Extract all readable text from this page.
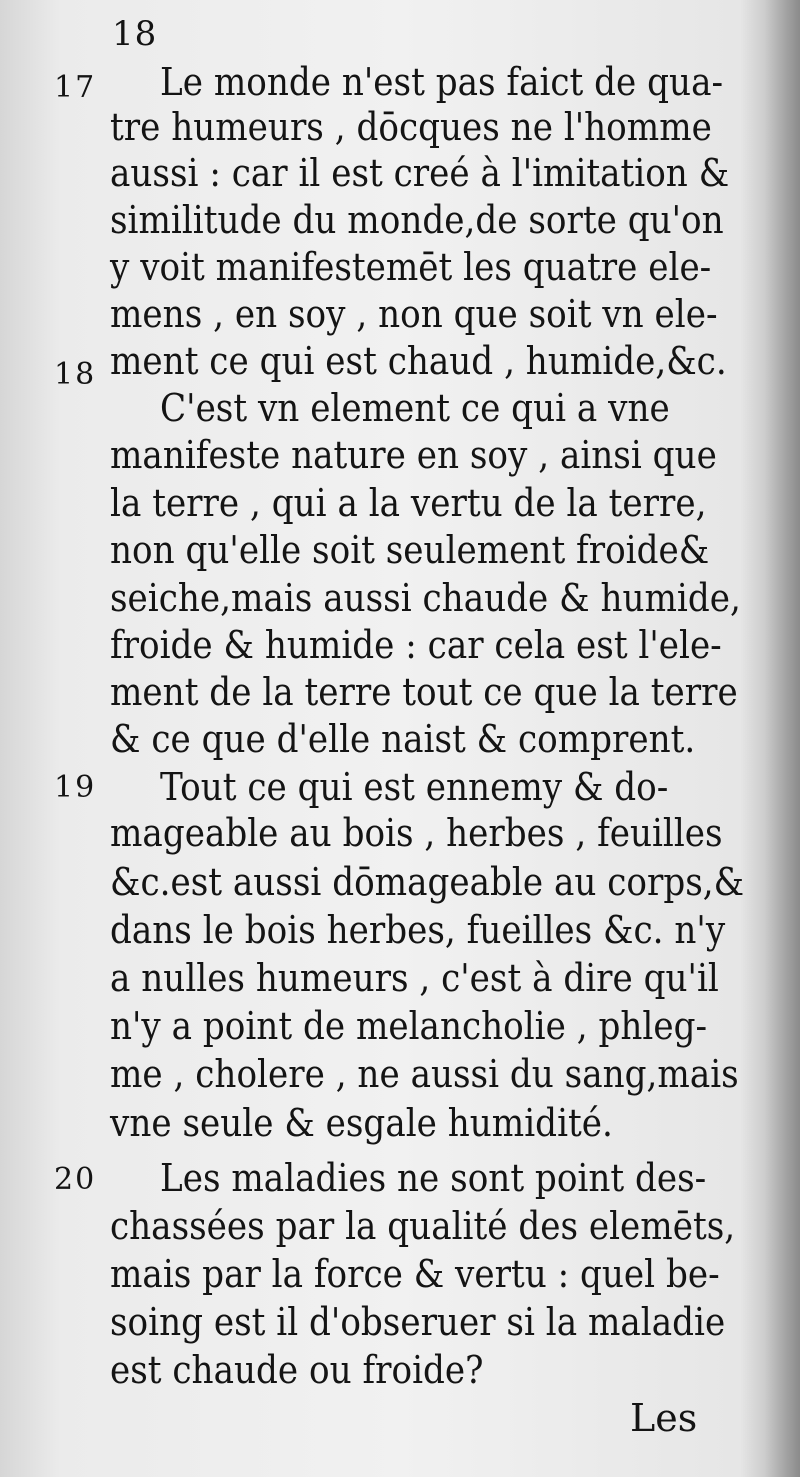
18
17 Le monde n'est pas faict de qua-
tre humeurs , dōcques ne l'homme
aussi : car il est creé à l'imitation &
similitude du monde,de sorte qu'on
y voit manifestemēt les quatre ele-
mens , en soy , non que soit vn ele-
ment ce qui est chaud , humide,&c.
18
C'est vn element ce qui a vne
manifeste nature en soy , ainsi que
la terre , qui a la vertu de la terre,
non qu'elle soit seulement froide&
seiche,mais aussi chaude & humide,
froide & humide : car cela est l'ele-
ment de la terre tout ce que la terre
& ce que d'elle naist & comprent.
19 Tout ce qui est ennemy & do-
mageable au bois , herbes , feuilles
&c.est aussi dōmageable au corps,&
dans le bois herbes, fueilles &c. n'y
a nulles humeurs , c'est à dire qu'il
n'y a point de melancholie , phleg-
me , cholere , ne aussi du sang,mais
vne seule & esgale humidité.
20 Les maladies ne sont point des-
chassées par la qualité des elemēts,
mais par la force & vertu : quel be-
soing est il d'obseruer si la maladie
est chaude ou froide?
Les
